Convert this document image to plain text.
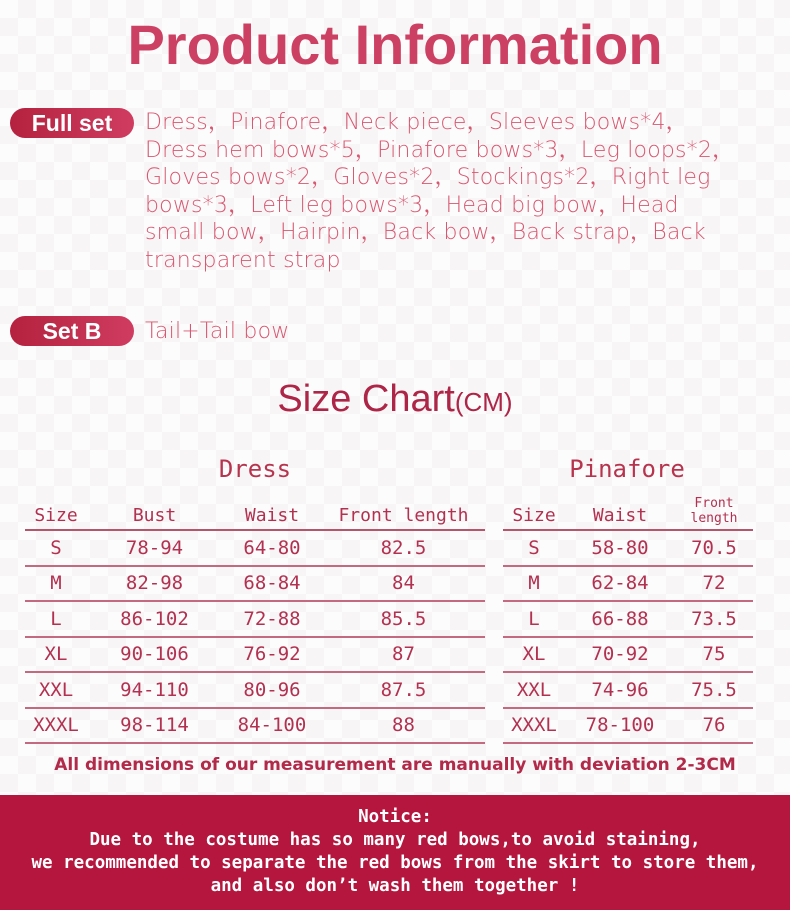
Product Information
Full set	Dress，Pinafore，Neck piece，Sleeves bows*4，
Dress hem bows*5，Pinafore bows*3，Leg loops*2，
Gloves bows*2，Gloves*2，Stockings*2，Right leg
bows*3，Left leg bows*3，Head big bow，Head
small bow，Hairpin，Back bow，Back strap，Back
transparent strap
Set B	Tail+Tail bow
Size Chart(CM)
Dress
Size	Bust	Waist	Front length
S	78-94	64-80	82.5
M	82-98	68-84	84
L	86-102	72-88	85.5
XL	90-106	76-92	87
XXL	94-110	80-96	87.5
XXXL	98-114	84-100	88
Pinafore
Size	Waist	Front length
S	58-80	70.5
M	62-84	72
L	66-88	73.5
XL	70-92	75
XXL	74-96	75.5
XXXL	78-100	76
All dimensions of our measurement are manually with deviation 2-3CM
Notice:
Due to the costume has so many red bows,to avoid staining,
we recommended to separate the red bows from the skirt to store them,
and also don’t wash them together !
